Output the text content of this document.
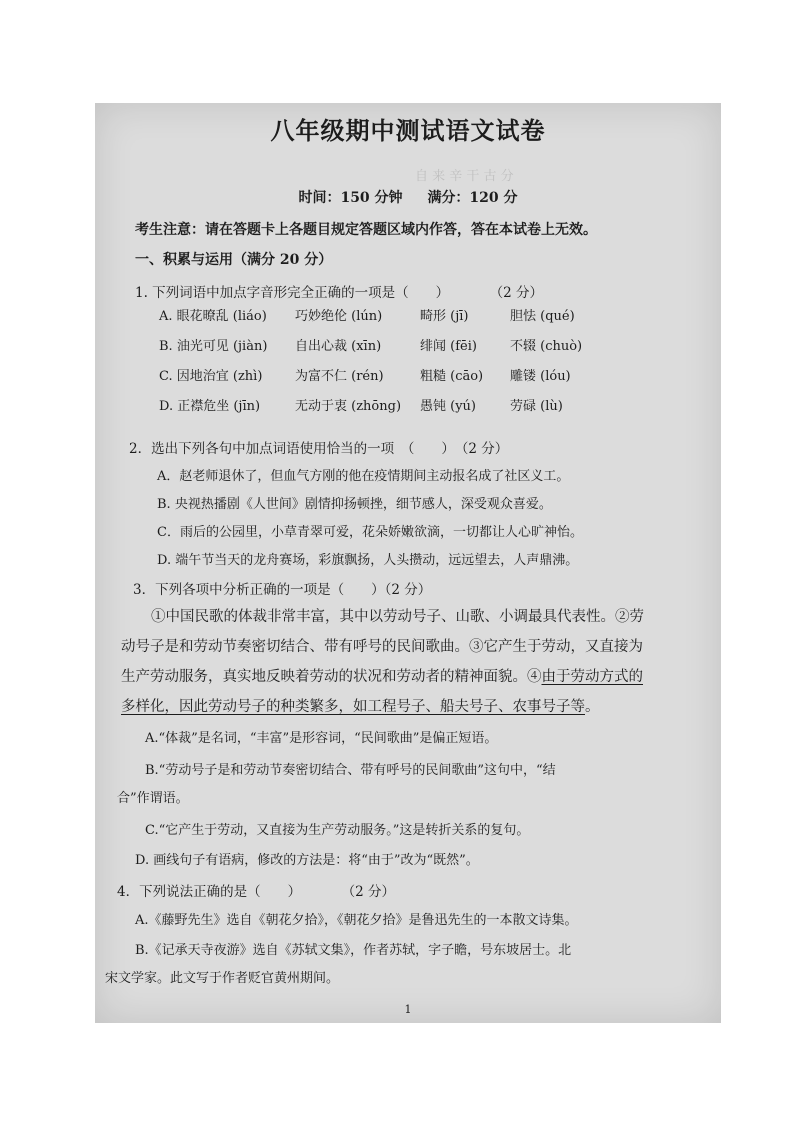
自 来 辛 干 古 分
八年级期中测试语文试卷
时间：150 分钟 满分：120 分
考生注意：请在答题卡上各题目规定答题区域内作答，答在本试卷上无效。
一、积累与运用（满分 20 分）
1. 下列词语中加点字音形完全正确的一项是（　　）　　　　（2 分）
A. 眼花暸乱 (liáo)	巧妙绝伦 (lún)	畸形 (jī)	胆怯 (qué)
B. 油光可见 (jiàn)	自出心裁 (xīn)	绯闻 (fēi)	不辍 (chuò)
C. 因地治宜 (zhì)	为富不仁 (rén)	粗糙 (cāo)	雕镂 (lóu)
D. 正襟危坐 (jīn)	无动于衷 (zhōng)	愚钝 (yú)	劳碌 (lù)
2．选出下列各句中加点词语使用恰当的一项　（　　）　（2 分）
A．赵老师退休了，但血气方刚的他在疫情期间主动报名成了社区义工。
B. 央视热播剧《人世间》剧情抑扬顿挫，细节感人，深受观众喜爱。
C．雨后的公园里，小草青翠可爱，花朵娇嫩欲滴，一切都让人心旷神怡。
D. 端午节当天的龙舟赛场，彩旗飘扬，人头攒动，远远望去，人声鼎沸。
3．下列各项中分析正确的一项是（　　）（2 分）
①中国民歌的体裁非常丰富，其中以劳动号子、山歌、小调最具代表性。②劳
动号子是和劳动节奏密切结合、带有呼号的民间歌曲。③它产生于劳动，又直接为
生产劳动服务，真实地反映着劳动的状况和劳动者的精神面貌。④由于劳动方式的
多样化，因此劳动号子的种类繁多，如工程号子、船夫号子、农事号子等。
A.“体裁”是名词，“丰富”是形容词，“民间歌曲”是偏正短语。
B.“劳动号子是和劳动节奏密切结合、带有呼号的民间歌曲”这句中，“结
合”作谓语。
C.“它产生于劳动，又直接为生产劳动服务。”这是转折关系的复句。
D. 画线句子有语病，修改的方法是：将“由于”改为“既然”。
4．下列说法正确的是（　　）　　　　（2 分）
A.《藤野先生》选自《朝花夕拾》，《朝花夕拾》是鲁迅先生的一本散文诗集。
B.《记承天寺夜游》选自《苏轼文集》，作者苏轼，字子瞻，号东坡居士。北
宋文学家。此文写于作者贬官黄州期间。
1
